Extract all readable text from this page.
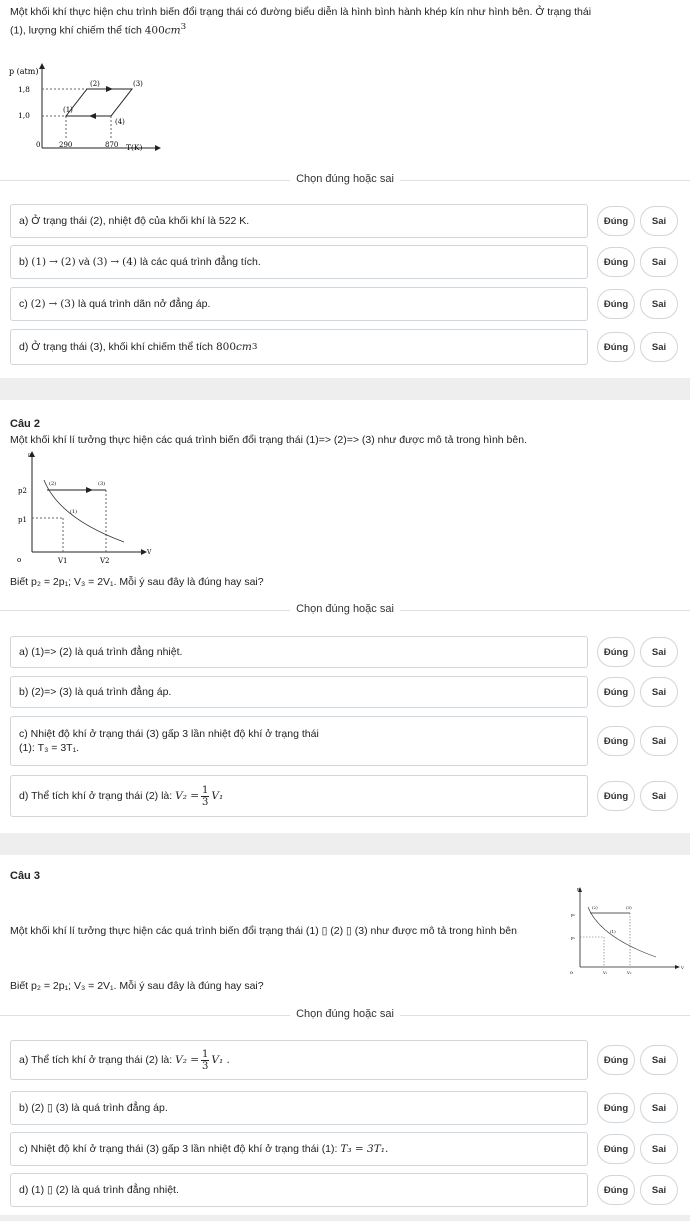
Một khối khí thực hiện chu trình biến đổi trạng thái có đường biểu diễn là hình bình hành khép kín như hình bên. Ở trạng thái
(1), lượng khí chiếm thể tích $400cm^3$
p (atm)
1,8
1,0
0	290	870 T(K)
(2)	(3)
(1)
(4)
Chọn đúng hoặc sai
a)
Ở trạng thái (2), nhiệt độ của khối khí là 522 K.	Đúng	Sai
b)
(1)
→
(2)
và
(3)
→
(4)
là các quá trình đẳng tích.	Đúng	Sai
c)
(2)
→
(3)
là quá trình dãn nở đẳng áp.	Đúng	Sai
d)
Ở trạng thái (3), khối khí chiếm thể tích
800 cm 3	Đúng	Sai
Câu 2
Một khối khí lí tưởng thực hiện các quá trình biến đổi trạng thái (1)=> (2)=> (3) như được mô tả trong hình bên.
p
V
p2
p1
o	V1	V2
(2)	(3)
(1)
Biết p₂ = 2p₁; V₃ = 2V₁. Mỗi ý sau đây là đúng hay sai?
Chọn đúng hoặc sai
a) (1)=> (2) là quá trình đẳng nhiệt.	Đúng	Sai
b) (2)=> (3) là quá trình đẳng áp.	Đúng	Sai
c) Nhiệt độ khí ở trạng thái (3) gấp 3 lần nhiệt độ khí ở trạng thái
(1): T₃ = 3T₁.
Đúng	Sai
d) Thể tích khí ở trạng thái (2) là:
$V_2 = \frac{1}{3} V_1$	Đúng	Sai
Câu 3
Một khối khí lí tưởng thực hiện các quá trình biến đổi trạng thái (1) ▯ (2) ▯ (3) như được mô tả trong hình bên
p
V
p₂
p₁
o	V₁	V₂
(2)	(3)
(1)
Biết p₂ = 2p₁; V₃ = 2V₁. Mỗi ý sau đây là đúng hay sai?
Chọn đúng hoặc sai
a) Thể tích khí ở trạng thái (2) là:
$V_2 = \frac{1}{3} V_1$ .	Đúng	Sai
b) (2) ▯ (3) là quá trình đẳng áp.	Đúng	Sai
c) Nhiệt độ khí ở trạng thái (3) gấp 3 lần nhiệt độ khí ở trạng thái (1):
T₃ = 3T₁.	Đúng	Sai
d) (1) ▯ (2) là quá trình đẳng nhiệt.	Đúng	Sai
